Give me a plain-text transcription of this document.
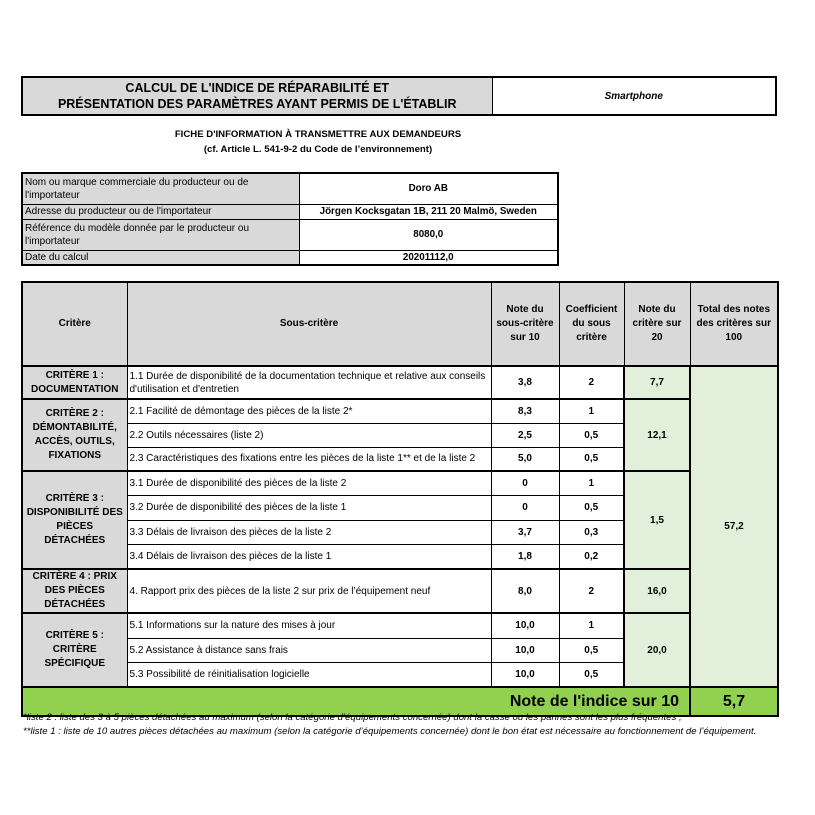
CALCUL DE L'INDICE DE RÉPARABILITÉ ET
PRÉSENTATION DES PARAMÈTRES AYANT PERMIS DE L'ÉTABLIR
	Smartphone
FICHE D'INFORMATION À TRANSMETTRE AUX DEMANDEURS
(cf. Article L. 541-9-2 du Code de l’environnement)
Nom ou marque commerciale du producteur ou de l'importateur	Doro AB
Adresse du producteur ou de l'importateur	Jörgen Kocksgatan 1B, 211 20 Malmö, Sweden
Référence du modèle donnée par le producteur ou l'importateur	8080,0
Date du calcul	20201112,0
Critère	Sous-critère	Note du sous-critère sur 10	Coefficient du sous critère	Note du critère sur 20	Total des notes des critères sur 100
CRITÈRE 1 : DOCUMENTATION	1.1 Durée de disponibilité de la documentation technique et relative aux conseils d'utilisation et d'entretien	3,8	2	7,7	57,2
CRITÈRE 2 : DÉMONTABILITÉ, ACCÈS, OUTILS, FIXATIONS	2.1 Facilité de démontage des pièces de la liste 2*	8,3	1	12,1	
	2.2 Outils nécessaires (liste 2)	2,5	0,5		
	2.3 Caractéristiques des fixations entre les pièces de la liste 1** et de la liste 2	5,0	0,5		
CRITÈRE 3 : DISPONIBILITÉ DES PIÈCES DÉTACHÉES	3.1 Durée de disponibilité des pièces de la liste 2	0	1	1,5	
	3.2 Durée de disponibilité des pièces de la liste 1	0	0,5		
	3.3 Délais de livraison des pièces de la liste 2	3,7	0,3		
	3.4 Délais de livraison des pièces de la liste 1	1,8	0,2		
CRITÈRE 4 : PRIX DES PIÈCES DÉTACHÉES	4. Rapport prix des pièces de la liste 2 sur prix de l’équipement neuf	8,0	2	16,0	
CRITÈRE 5 : CRITÈRE SPÉCIFIQUE	5.1 Informations sur la nature des mises à jour	10,0	1	20,0	
	5.2 Assistance à distance sans frais	10,0	0,5		
	5.3 Possibilité de réinitialisation logicielle	10,0	0,5		
Note de l'indice sur 10					5,7
*liste 2 : liste des 3 à 5 pièces détachées au maximum (selon la catégorie d’équipements concernée) dont la casse ou les pannes sont les plus fréquentes ;
**liste 1 : liste de 10 autres pièces détachées au maximum (selon la catégorie d’équipements concernée) dont le bon état est nécessaire au fonctionnement de l’équipement.
